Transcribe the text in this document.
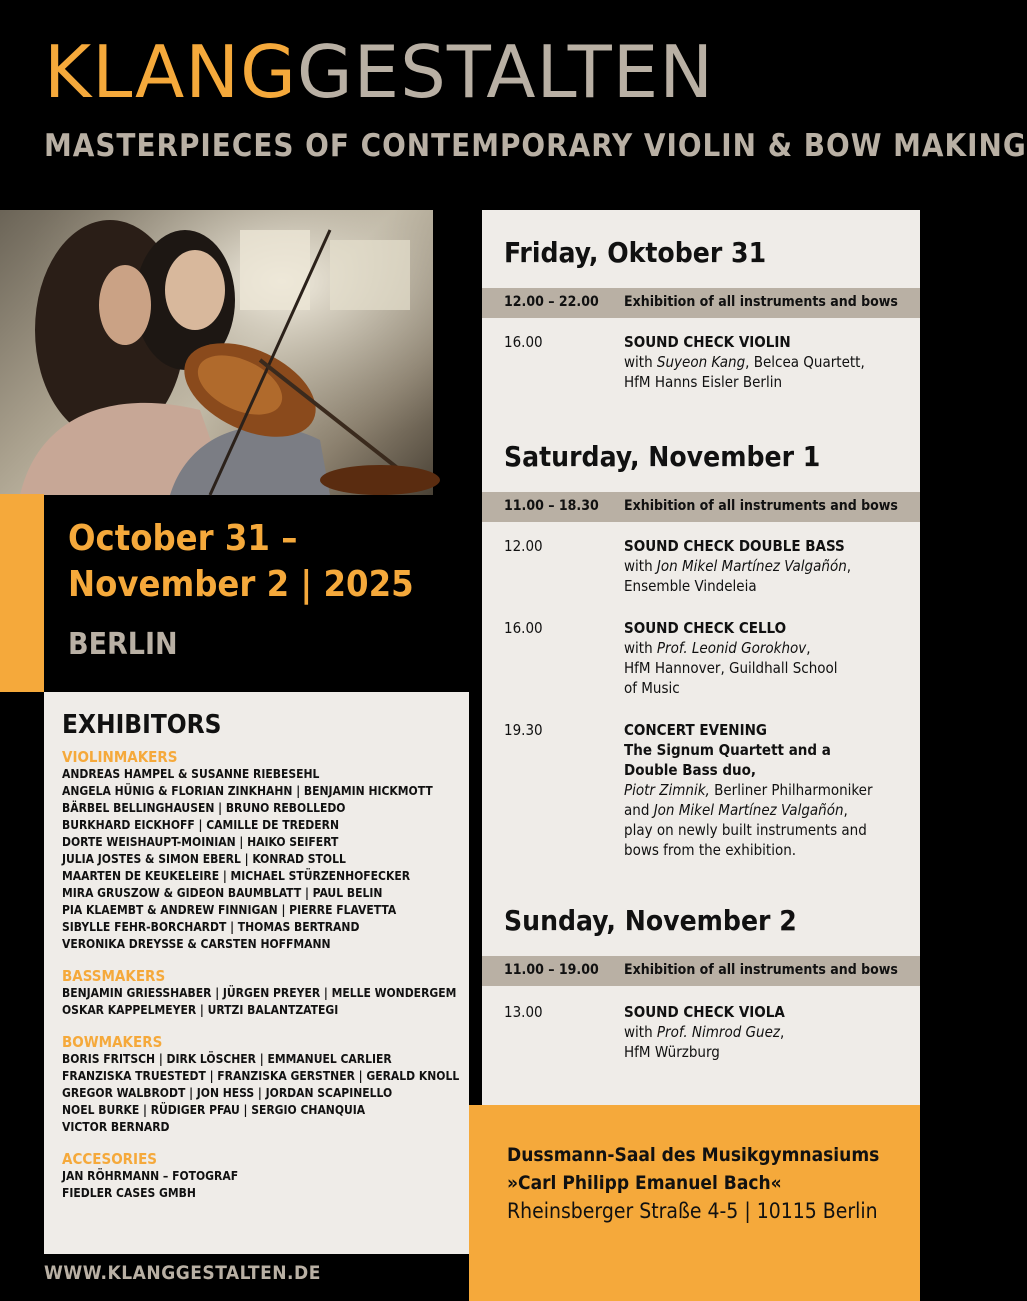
KLANGGESTALTEN
MASTERPIECES OF CONTEMPORARY VIOLIN & BOW MAKING
October 31 –
November 2 | 2025
BERLIN
EXHIBITORS
VIOLINMAKERS
ANDREAS HAMPEL & SUSANNE RIEBESEHL
ANGELA HÜNIG & FLORIAN ZINKHAHN | BENJAMIN HICKMOTT
BÄRBEL BELLINGHAUSEN | BRUNO REBOLLEDO
BURKHARD EICKHOFF | CAMILLE DE TREDERN
DORTE WEISHAUPT-MOINIAN | HAIKO SEIFERT
JULIA JOSTES & SIMON EBERL | KONRAD STOLL
MAARTEN DE KEUKELEIRE | MICHAEL STÜRZENHOFECKER
MIRA GRUSZOW & GIDEON BAUMBLATT | PAUL BELIN
PIA KLAEMBT & ANDREW FINNIGAN | PIERRE FLAVETTA
SIBYLLE FEHR-BORCHARDT | THOMAS BERTRAND
VERONIKA DREYSSE & CARSTEN HOFFMANN
BASSMAKERS
BENJAMIN GRIESSHABER | JÜRGEN PREYER | MELLE WONDERGEM
OSKAR KAPPELMEYER | URTZI BALANTZATEGI
BOWMAKERS
BORIS FRITSCH | DIRK LÖSCHER | EMMANUEL CARLIER
FRANZISKA TRUESTEDT | FRANZISKA GERSTNER | GERALD KNOLL
GREGOR WALBRODT | JON HESS | JORDAN SCAPINELLO
NOEL BURKE | RÜDIGER PFAU | SERGIO CHANQUIA
VICTOR BERNARD
ACCESORIES
JAN RÖHRMANN – FOTOGRAF
FIEDLER CASES GMBH
WWW.KLANGGESTALTEN.DE
Friday, Oktober 31
12.00 – 22.00 Exhibition of all instruments and bows
16.00	SOUND CHECK VIOLIN
with Suyeon Kang, Belcea Quartett,
HfM Hanns Eisler Berlin
Saturday, November 1
11.00 – 18.30 Exhibition of all instruments and bows
12.00	SOUND CHECK DOUBLE BASS
with Jon Mikel Martínez Valgañón,
Ensemble Vindeleia
16.00	SOUND CHECK CELLO
with Prof. Leonid Gorokhov,
HfM Hannover, Guildhall School
of Music
19.30	CONCERT EVENING
The Signum Quartett and a
Double Bass duo,
Piotr Zimnik, Berliner Philharmoniker
and Jon Mikel Martínez Valgañón,
play on newly built instruments and
bows from the exhibition.
Sunday, November 2
11.00 – 19.00 Exhibition of all instruments and bows
13.00	SOUND CHECK VIOLA
with Prof. Nimrod Guez,
HfM Würzburg
Dussmann-Saal des Musikgymnasiums
»Carl Philipp Emanuel Bach«
Rheinsberger Straße 4-5 | 10115 Berlin
